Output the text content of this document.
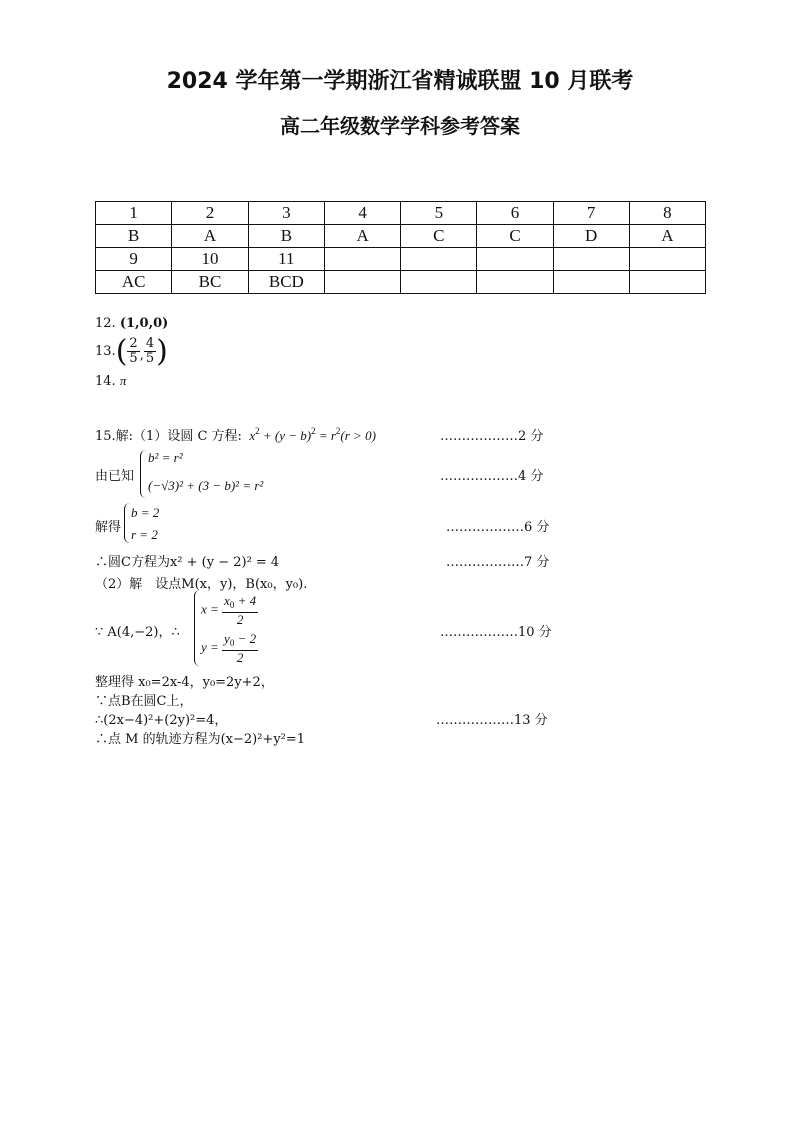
2024 学年第一学期浙江省精诚联盟 10 月联考
高二年级数学学科参考答案
1	2	3	4	5	6	7	8
B	A	B	A	C	C	D	A
9	10	11					
AC	BC	BCD					
12. (1,0,0)
$13.( \frac{2}{5}$ , $\frac{4}{5}$ )
14. π
15.解:（1）设圆 C 方程:  $x^2 + (y - b)^2 = r^2(r > 0)$	………………2 分
由已知
b² = r²
(−√3)² + (3 − b)² = r²
………………4 分
解得
b = 2
r = 2	………………6 分
∴圆C方程为x² + (y − 2)² = 4	………………7 分
（2）解　设点M(x，y)，B(x₀，y₀).
∵ A(4,−2)，∴
$x = \frac{x_0 + 4}{2}$
$y = \frac{y_0 - 2}{2}$	………………10 分
整理得 x₀=2x-4，y₀=2y+2，
∵点B在圆C上，
∴(2x−4)²+(2y)²=4，	………………13 分
∴点 M 的轨迹方程为(x−2)²+y²=1
